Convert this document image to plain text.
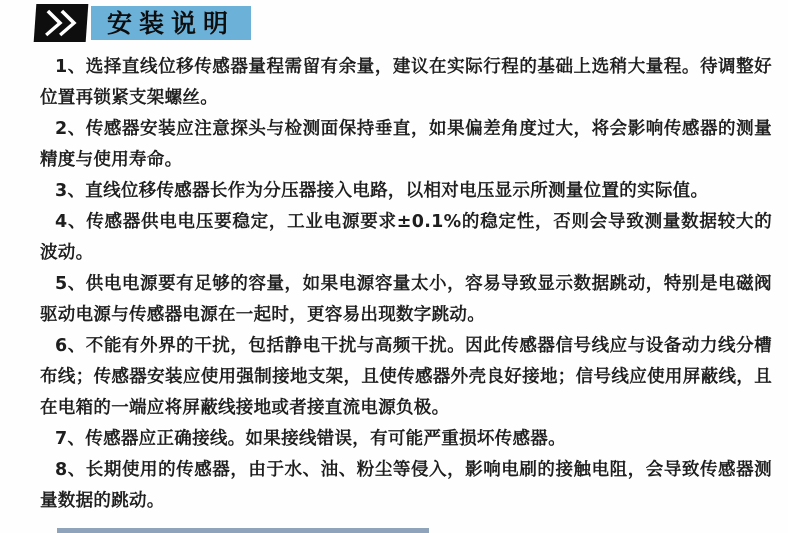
安装说明

1、选择直线位移传感器量程需留有余量，建议在实际行程的基础上选稍大量程。待调整好位置再锁紧支架螺丝。

2、传感器安装应注意探头与检测面保持垂直，如果偏差角度过大，将会影响传感器的测量精度与使用寿命。

3、直线位移传感器长作为分压器接入电路，以相对电压显示所测量位置的实际值。

4、传感器供电电压要稳定，工业电源要求±0.1%的稳定性，否则会导致测量数据较大的波动。

5、供电电源要有足够的容量，如果电源容量太小，容易导致显示数据跳动，特别是电磁阀驱动电源与传感器电源在一起时，更容易出现数字跳动。

6、不能有外界的干扰，包括静电干扰与高频干扰。因此传感器信号线应与设备动力线分槽布线；传感器安装应使用强制接地支架，且使传感器外壳良好接地；信号线应使用屏蔽线，且在电箱的一端应将屏蔽线接地或者接直流电源负极。

7、传感器应正确接线。如果接线错误，有可能严重损坏传感器。

8、长期使用的传感器，由于水、油、粉尘等侵入，影响电刷的接触电阻，会导致传感器测量数据的跳动。
